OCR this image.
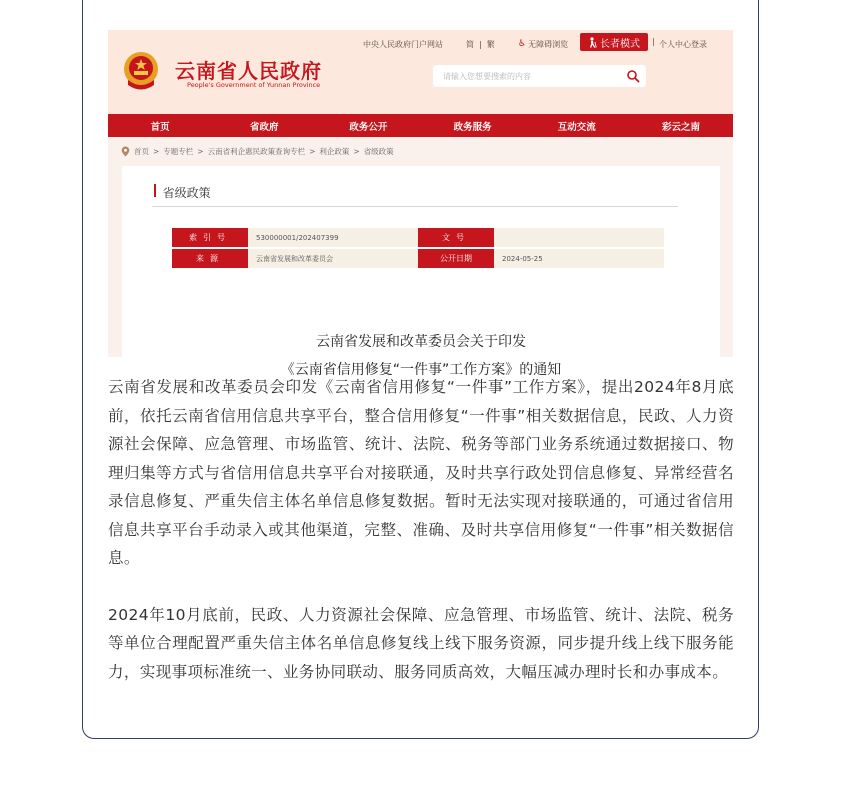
云南省人民政府
People's Government of Yunnan Province
中央人民政府门户网站	简 | 繁	♿ 无障碍浏览	长者模式 | 个人中心登录
请输入您想要搜索的内容
首页	省政府	政务公开	政务服务	互动交流	彩云之南
首页 > 专题专栏 > 云南省利企惠民政策查询专栏 > 利企政策 > 省级政策
省级政策
索引号	530000001/202407399	文号
来源	云南省发展和改革委员会	公开日期	2024-05-25
云南省发展和改革委员会关于印发
《云南省信用修复“一件事”工作方案》的通知

云南省发展和改革委员会印发《云南省信用修复“一件事”工作方案》，提出2024年8月底前，依托云南省信用信息共享平台，整合信用修复“一件事”相关数据信息，民政、人力资源社会保障、应急管理、市场监管、统计、法院、税务等部门业务系统通过数据接口、物理归集等方式与省信用信息共享平台对接联通，及时共享行政处罚信息修复、异常经营名录信息修复、严重失信主体名单信息修复数据。暂时无法实现对接联通的，可通过省信用信息共享平台手动录入或其他渠道，完整、准确、及时共享信用修复“一件事”相关数据信息。

2024年10月底前，民政、人力资源社会保障、应急管理、市场监管、统计、法院、税务等单位合理配置严重失信主体名单信息修复线上线下服务资源，同步提升线上线下服务能力，实现事项标准统一、业务协同联动、服务同质高效，大幅压减办理时长和办事成本。
